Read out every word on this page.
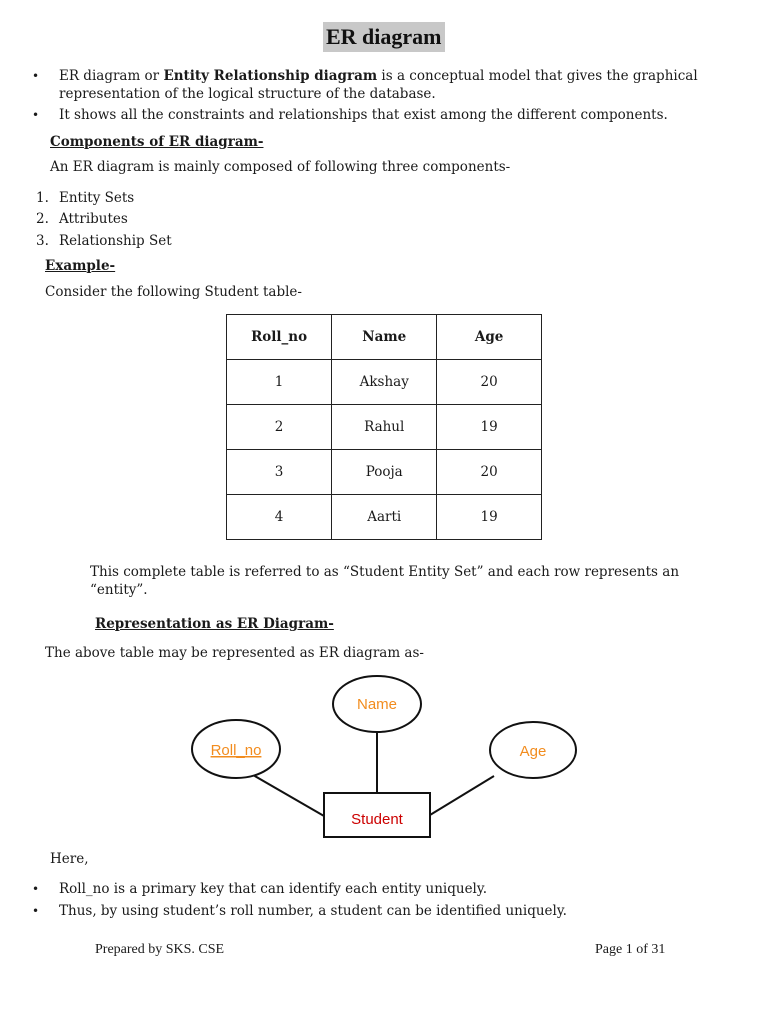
ER diagram
• ER diagram or Entity Relationship diagram is a conceptual model that gives the graphical representation of the logical structure of the database.
• It shows all the constraints and relationships that exist among the different components.
Components of ER diagram-
An ER diagram is mainly composed of following three components-
1. Entity Sets
2. Attributes
3. Relationship Set
Example-
Consider the following Student table-
Roll_no	Name	Age
1	Akshay	20
2	Rahul	19
3	Pooja	20
4	Aarti	19
This complete table is referred to as “Student Entity Set” and each row represents an “entity”.
Representation as ER Diagram-
The above table may be represented as ER diagram as-
Name
Roll_no	Age
Student
Here,
• Roll_no is a primary key that can identify each entity uniquely.
• Thus, by using student’s roll number, a student can be identified uniquely.
Prepared by SKS. CSE	Page 1 of 31
